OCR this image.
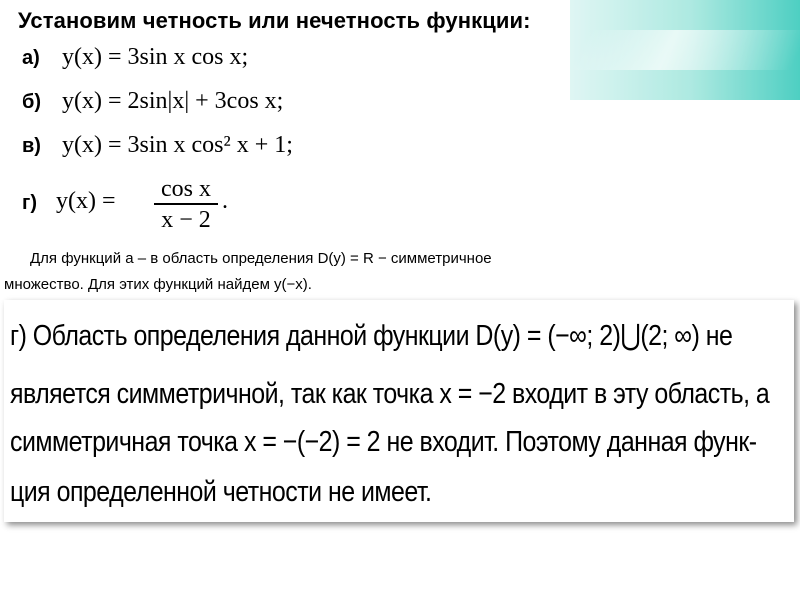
Установим четность или нечетность функции:
а) y(x) = 3sin x cos x;
б) y(x) = 2sin|x| + 3cos x;
в) y(x) = 3sin x cos² x + 1;
г) $y(x) = \frac{\text{cos x}}{x - 2}$ .
Для функций а – в область определения D(y) = R − симметричное
множество. Для этих функций найдем y(−x).
г) Область определения данной функции D(y) = (−∞; 2)⋃(2; ∞) не
является симметричной, так как точка x = −2 входит в эту область, а
симметричная точка x = −(−2) = 2 не входит. Поэтому данная функ-
ция определенной четности не имеет.
